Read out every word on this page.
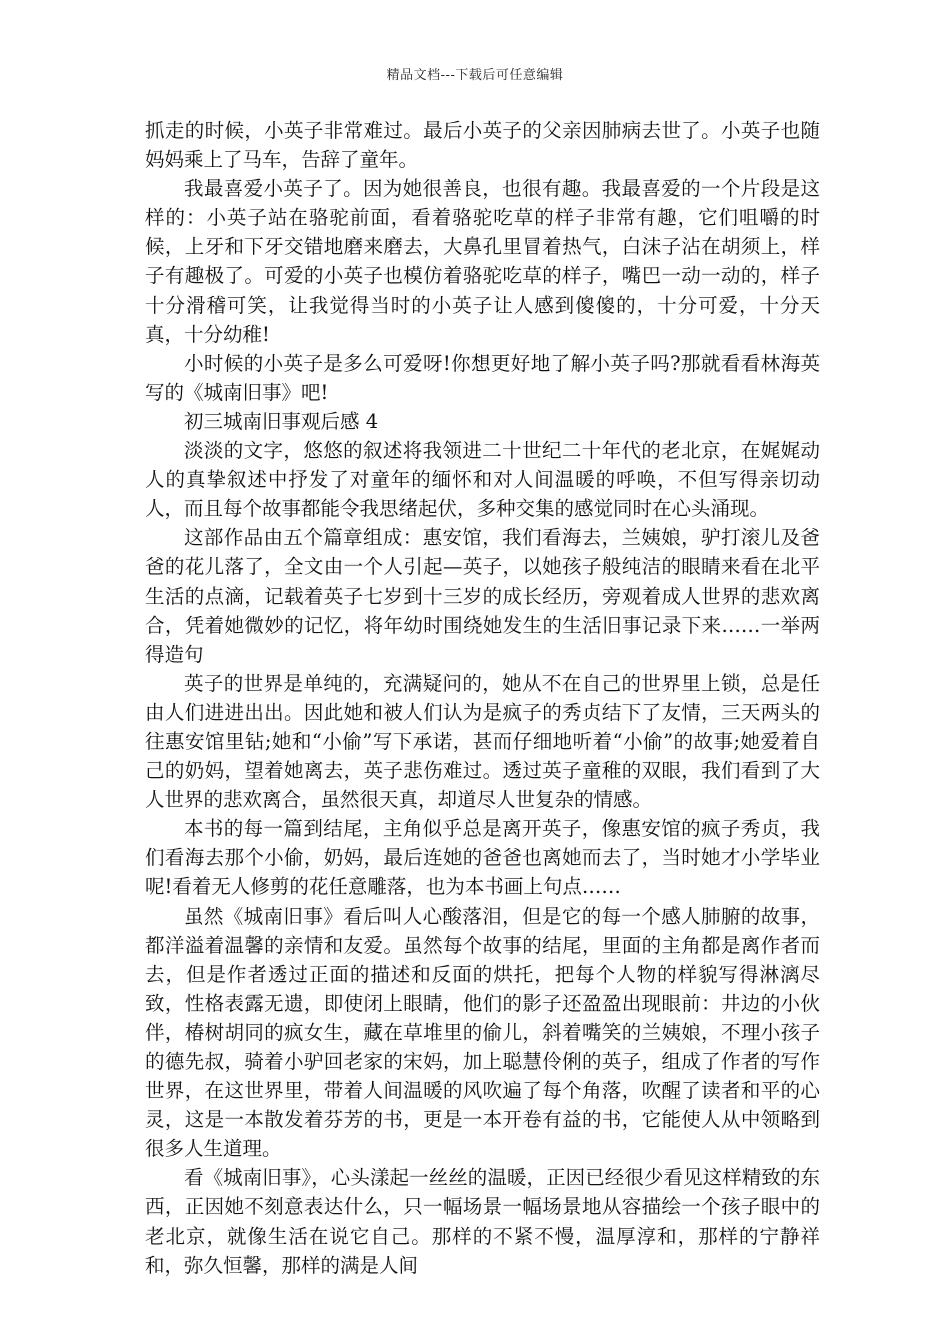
精品文档---下载后可任意编辑

抓走的时候，小英子非常难过。最后小英子的父亲因肺病去世了。小英子也随妈妈乘上了马车，告辞了童年。

我最喜爱小英子了。因为她很善良，也很有趣。我最喜爱的一个片段是这样的：小英子站在骆驼前面，看着骆驼吃草的样子非常有趣，它们咀嚼的时候，上牙和下牙交错地磨来磨去，大鼻孔里冒着热气，白沫子沾在胡须上，样子有趣极了。可爱的小英子也模仿着骆驼吃草的样子，嘴巴一动一动的，样子十分滑稽可笑，让我觉得当时的小英子让人感到傻傻的，十分可爱，十分天真，十分幼稚!

小时候的小英子是多么可爱呀!你想更好地了解小英子吗?那就看看林海英写的《城南旧事》吧!

初三城南旧事观后感 4

淡淡的文字，悠悠的叙述将我领进二十世纪二十年代的老北京，在娓娓动人的真挚叙述中抒发了对童年的缅怀和对人间温暖的呼唤，不但写得亲切动人，而且每个故事都能令我思绪起伏，多种交集的感觉同时在心头涌现。

这部作品由五个篇章组成：惠安馆，我们看海去，兰姨娘，驴打滚儿及爸爸的花儿落了，全文由一个人引起—英子，以她孩子般纯洁的眼睛来看在北平生活的点滴，记载着英子七岁到十三岁的成长经历，旁观着成人世界的悲欢离合，凭着她微妙的记忆，将年幼时围绕她发生的生活旧事记录下来……一举两得造句

英子的世界是单纯的，充满疑问的，她从不在自己的世界里上锁，总是任由人们进进出出。因此她和被人们认为是疯子的秀贞结下了友情，三天两头的往惠安馆里钻;她和“小偷”写下承诺，甚而仔细地听着“小偷”的故事;她爱着自己的奶妈，望着她离去，英子悲伤难过。透过英子童稚的双眼，我们看到了大人世界的悲欢离合，虽然很天真，却道尽人世复杂的情感。

本书的每一篇到结尾，主角似乎总是离开英子，像惠安馆的疯子秀贞，我们看海去那个小偷，奶妈，最后连她的爸爸也离她而去了，当时她才小学毕业呢!看着无人修剪的花任意雕落，也为本书画上句点……

虽然《城南旧事》看后叫人心酸落泪，但是它的每一个感人肺腑的故事，都洋溢着温馨的亲情和友爱。虽然每个故事的结尾，里面的主角都是离作者而去，但是作者透过正面的描述和反面的烘托，把每个人物的样貌写得淋漓尽致，性格表露无遗，即使闭上眼睛，他们的影子还盈盈出现眼前：井边的小伙伴，椿树胡同的疯女生，藏在草堆里的偷儿，斜着嘴笑的兰姨娘，不理小孩子的德先叔，骑着小驴回老家的宋妈，加上聪慧伶俐的英子，组成了作者的写作世界，在这世界里，带着人间温暖的风吹遍了每个角落，吹醒了读者和平的心灵，这是一本散发着芬芳的书，更是一本开卷有益的书，它能使人从中领略到很多人生道理。

看《城南旧事》，心头漾起一丝丝的温暖，正因已经很少看见这样精致的东西，正因她不刻意表达什么，只一幅场景一幅场景地从容描绘一个孩子眼中的老北京，就像生活在说它自己。那样的不紧不慢，温厚淳和，那样的宁静祥和，弥久恒馨，那样的满是人间
